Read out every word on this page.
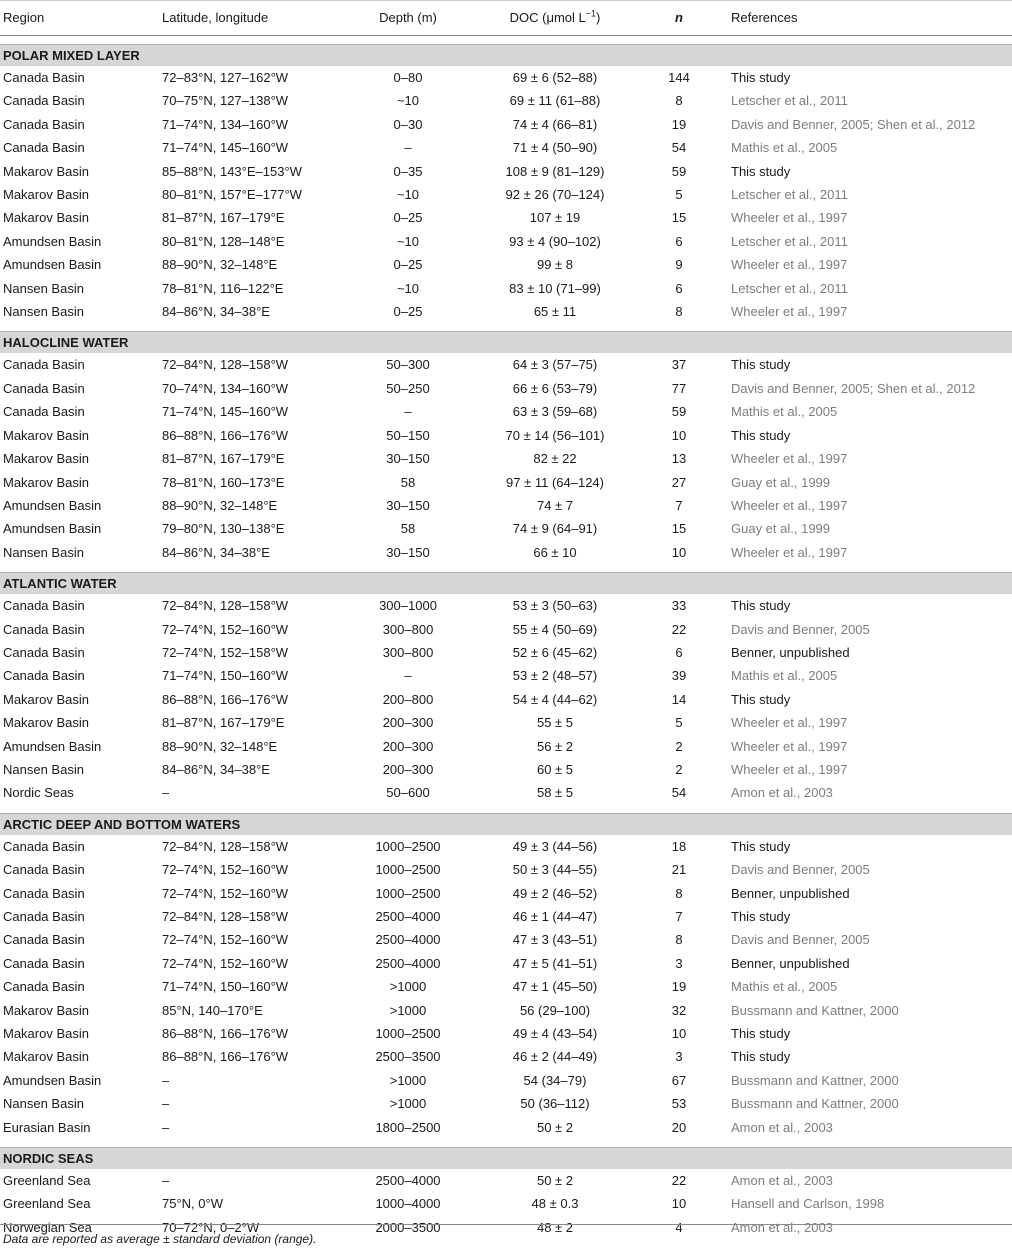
Region	Latitude, longitude	Depth (m)	DOC (μmol $L^{-1}$)	n	References

POLAR MIXED LAYER					
Canada Basin	72–83°N, 127–162°W	0–80	69 ± 6 (52–88)	144	This study
Canada Basin	70–75°N, 127–138°W	~10	69 ± 11 (61–88)	8	Letscher et al., 2011
Canada Basin	71–74°N, 134–160°W	0–30	74 ± 4 (66–81)	19	Davis and Benner, 2005; Shen et al., 2012
Canada Basin	71–74°N, 145–160°W	–	71 ± 4 (50–90)	54	Mathis et al., 2005
Makarov Basin	85–88°N, 143°E–153°W	0–35	108 ± 9 (81–129)	59	This study
Makarov Basin	80–81°N, 157°E–177°W	~10	92 ± 26 (70–124)	5	Letscher et al., 2011
Makarov Basin	81–87°N, 167–179°E	0–25	107 ± 19	15	Wheeler et al., 1997
Amundsen Basin	80–81°N, 128–148°E	~10	93 ± 4 (90–102)	6	Letscher et al., 2011
Amundsen Basin	88–90°N, 32–148°E	0–25	99 ± 8	9	Wheeler et al., 1997
Nansen Basin	78–81°N, 116–122°E	~10	83 ± 10 (71–99)	6	Letscher et al., 2011
Nansen Basin	84–86°N, 34–38°E	0–25	65 ± 11	8	Wheeler et al., 1997

HALOCLINE WATER					
Canada Basin	72–84°N, 128–158°W	50–300	64 ± 3 (57–75)	37	This study
Canada Basin	70–74°N, 134–160°W	50–250	66 ± 6 (53–79)	77	Davis and Benner, 2005; Shen et al., 2012
Canada Basin	71–74°N, 145–160°W	–	63 ± 3 (59–68)	59	Mathis et al., 2005
Makarov Basin	86–88°N, 166–176°W	50–150	70 ± 14 (56–101)	10	This study
Makarov Basin	81–87°N, 167–179°E	30–150	82 ± 22	13	Wheeler et al., 1997
Makarov Basin	78–81°N, 160–173°E	58	97 ± 11 (64–124)	27	Guay et al., 1999
Amundsen Basin	88–90°N, 32–148°E	30–150	74 ± 7	7	Wheeler et al., 1997
Amundsen Basin	79–80°N, 130–138°E	58	74 ± 9 (64–91)	15	Guay et al., 1999
Nansen Basin	84–86°N, 34–38°E	30–150	66 ± 10	10	Wheeler et al., 1997

ATLANTIC WATER					
Canada Basin	72–84°N, 128–158°W	300–1000	53 ± 3 (50–63)	33	This study
Canada Basin	72–74°N, 152–160°W	300–800	55 ± 4 (50–69)	22	Davis and Benner, 2005
Canada Basin	72–74°N, 152–158°W	300–800	52 ± 6 (45–62)	6	Benner, unpublished
Canada Basin	71–74°N, 150–160°W	–	53 ± 2 (48–57)	39	Mathis et al., 2005
Makarov Basin	86–88°N, 166–176°W	200–800	54 ± 4 (44–62)	14	This study
Makarov Basin	81–87°N, 167–179°E	200–300	55 ± 5	5	Wheeler et al., 1997
Amundsen Basin	88–90°N, 32–148°E	200–300	56 ± 2	2	Wheeler et al., 1997
Nansen Basin	84–86°N, 34–38°E	200–300	60 ± 5	2	Wheeler et al., 1997
Nordic Seas	–	50–600	58 ± 5	54	Amon et al., 2003

ARCTIC DEEP AND BOTTOM WATERS					
Canada Basin	72–84°N, 128–158°W	1000–2500	49 ± 3 (44–56)	18	This study
Canada Basin	72–74°N, 152–160°W	1000–2500	50 ± 3 (44–55)	21	Davis and Benner, 2005
Canada Basin	72–74°N, 152–160°W	1000–2500	49 ± 2 (46–52)	8	Benner, unpublished
Canada Basin	72–84°N, 128–158°W	2500–4000	46 ± 1 (44–47)	7	This study
Canada Basin	72–74°N, 152–160°W	2500–4000	47 ± 3 (43–51)	8	Davis and Benner, 2005
Canada Basin	72–74°N, 152–160°W	2500–4000	47 ± 5 (41–51)	3	Benner, unpublished
Canada Basin	71–74°N, 150–160°W	>1000	47 ± 1 (45–50)	19	Mathis et al., 2005
Makarov Basin	85°N, 140–170°E	>1000	56 (29–100)	32	Bussmann and Kattner, 2000
Makarov Basin	86–88°N, 166–176°W	1000–2500	49 ± 4 (43–54)	10	This study
Makarov Basin	86–88°N, 166–176°W	2500–3500	46 ± 2 (44–49)	3	This study
Amundsen Basin	–	>1000	54 (34–79)	67	Bussmann and Kattner, 2000
Nansen Basin	–	>1000	50 (36–112)	53	Bussmann and Kattner, 2000
Eurasian Basin	–	1800–2500	50 ± 2	20	Amon et al., 2003

NORDIC SEAS					
Greenland Sea	–	2500–4000	50 ± 2	22	Amon et al., 2003
Greenland Sea	75°N, 0°W	1000–4000	48 ± 0.3	10	Hansell and Carlson, 1998
Norwegian Sea	70–72°N, 0–2°W	2000–3500	48 ± 2	4	Amon et al., 2003
Data are reported as average ± standard deviation (range).
